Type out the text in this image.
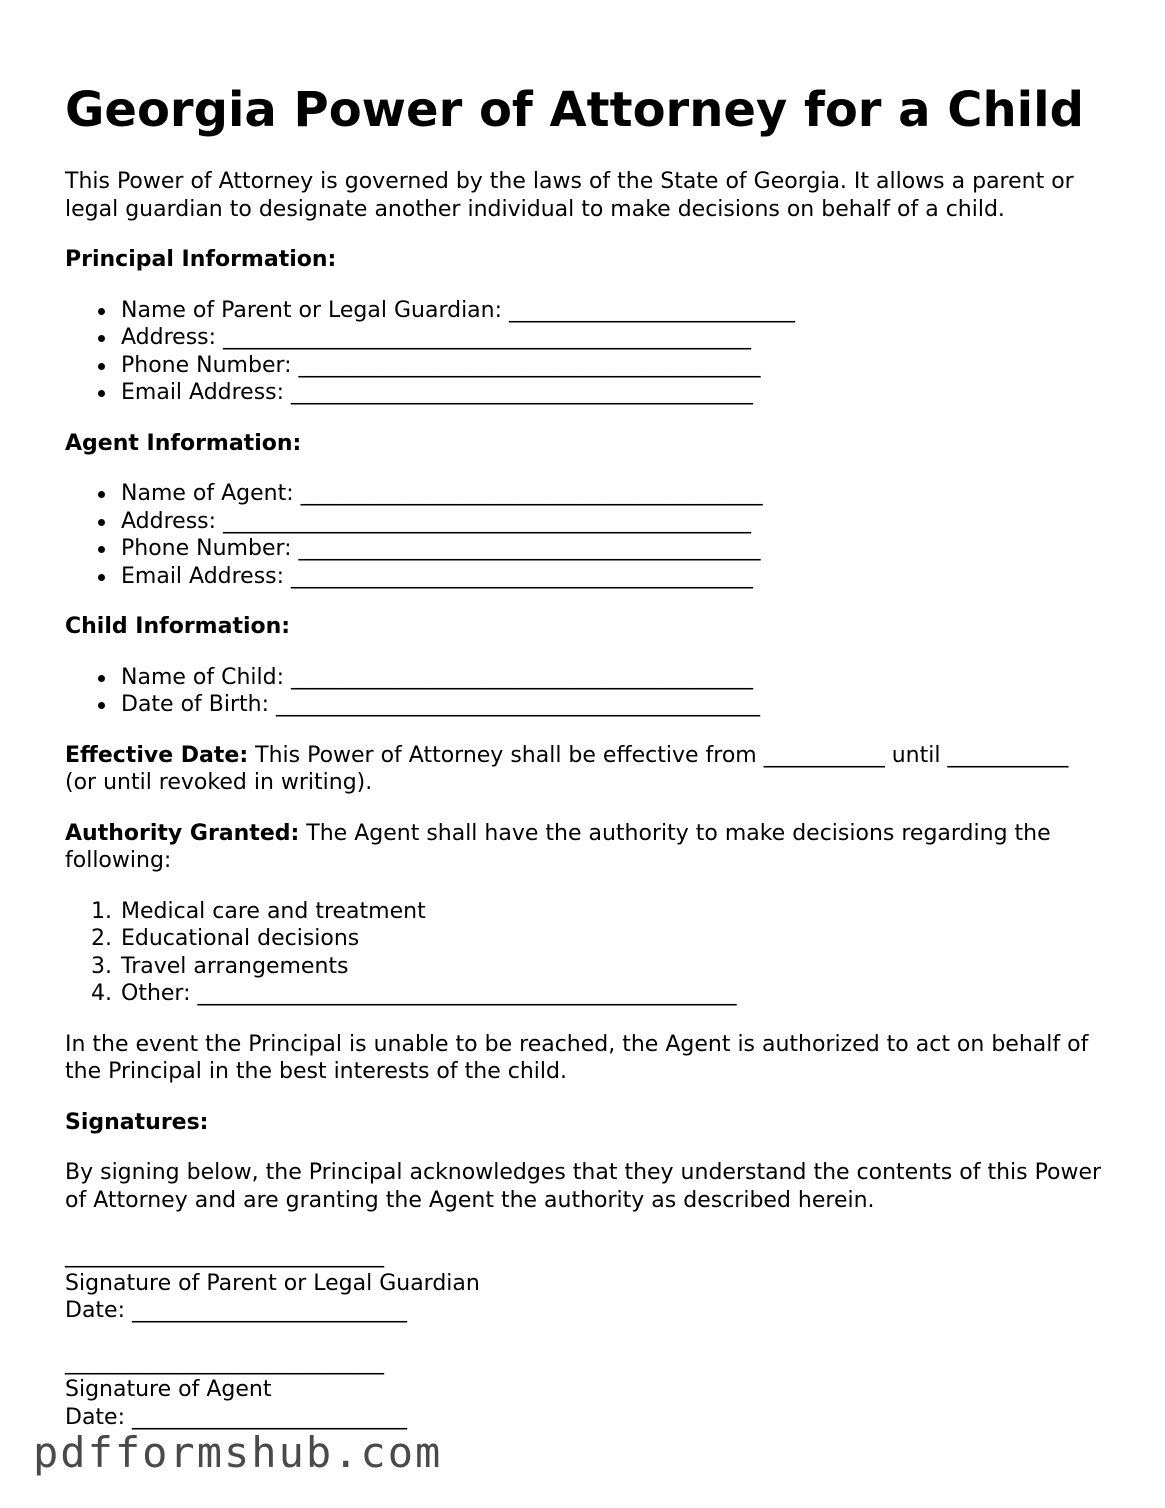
Georgia Power of Attorney for a Child

This Power of Attorney is governed by the laws of the State of Georgia. It allows a parent or legal guardian to designate another individual to make decisions on behalf of a child.

Principal Information:
Name of Parent or Legal Guardian: __________________________
Address: ________________________________________________
Phone Number: __________________________________________
Email Address: __________________________________________
Agent Information:
Name of Agent: __________________________________________
Address: ________________________________________________
Phone Number: __________________________________________
Email Address: __________________________________________
Child Information:
Name of Child: __________________________________________
Date of Birth: ____________________________________________

Effective Date: This Power of Attorney shall be effective from ___________ until ___________ (or until revoked in writing).

Authority Granted: The Agent shall have the authority to make decisions regarding the following:

1. Medical care and treatment
2. Educational decisions
3. Travel arrangements
4. Other: _________________________________________________

In the event the Principal is unable to be reached, the Agent is authorized to act on behalf of the Principal in the best interests of the child.

Signatures:

By signing below, the Principal acknowledges that they understand the contents of this Power of Attorney and are granting the Agent the authority as described herein.

_____________________________
Signature of Parent or Legal Guardian
Date: _________________________
_____________________________
Signature of Agent
Date: _________________________
pdfformshub.com
